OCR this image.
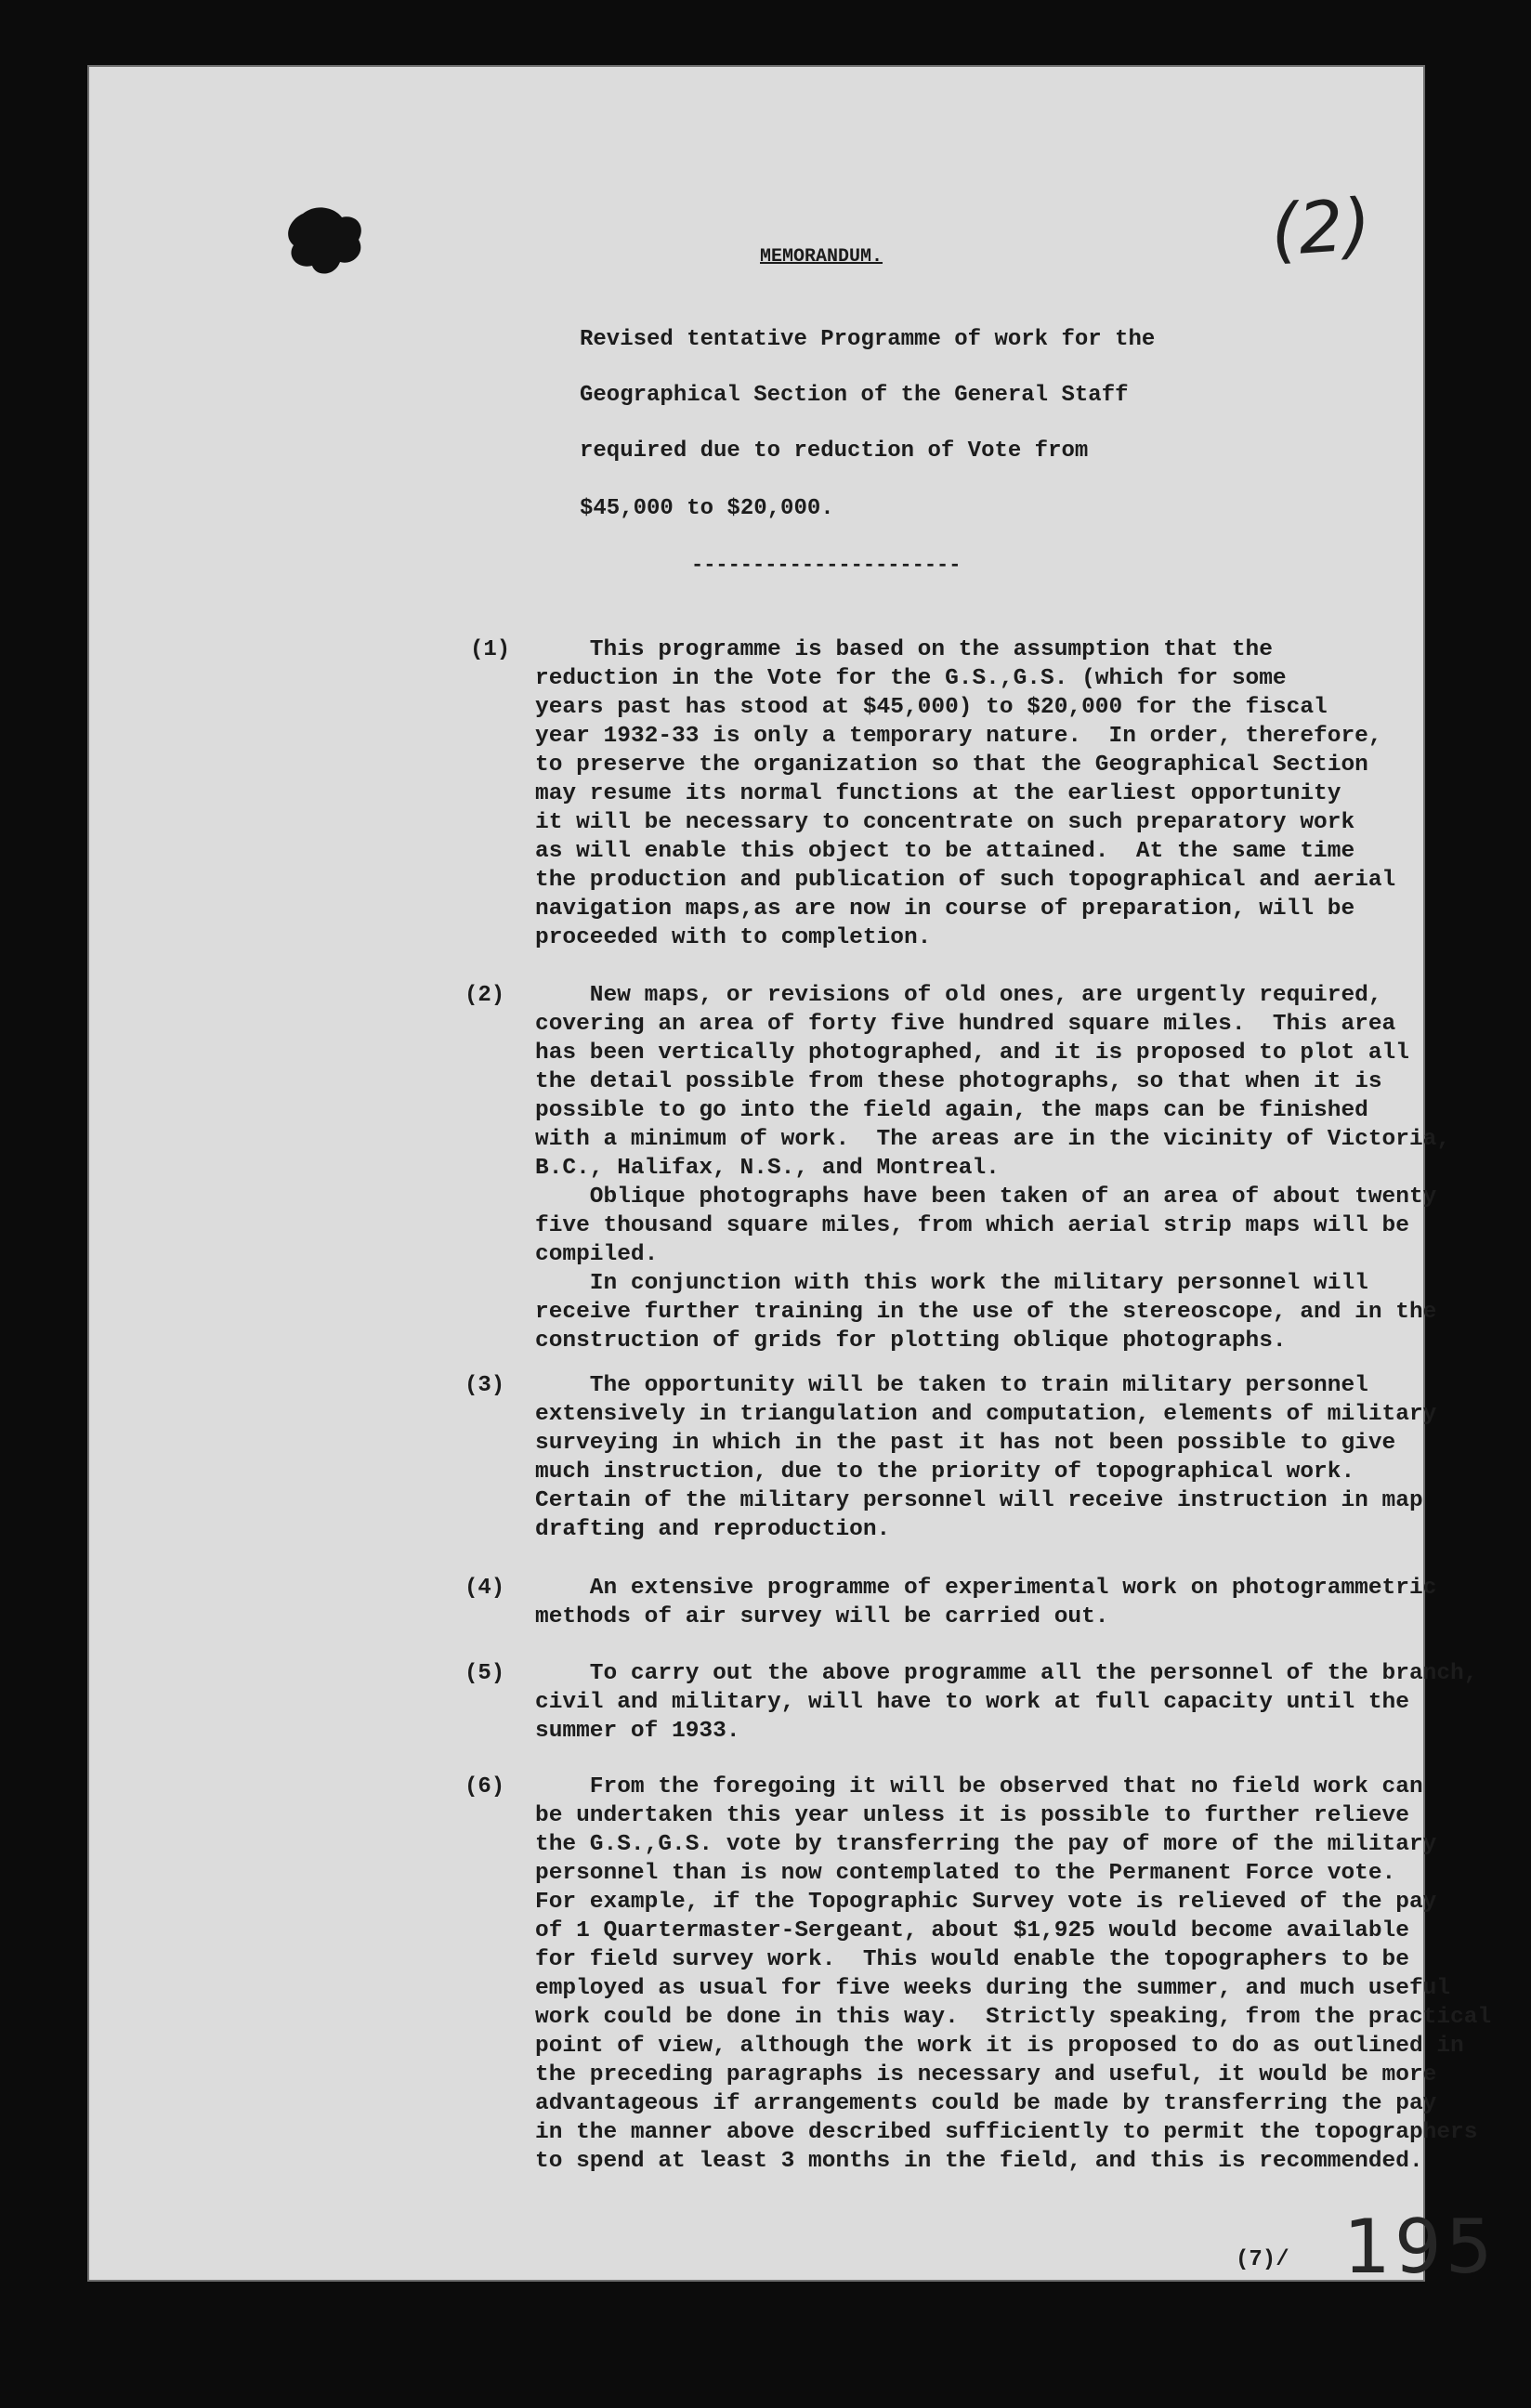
(2)
MEMORANDUM.
Revised tentative Programme of work for the
Geographical Section of the General Staff
required due to reduction of Vote from
$45,000 to $20,000.
----------------------
(1)	This programme is based on the assumption that the
reduction in the Vote for the G.S.,G.S. (which for some
years past has stood at $45,000) to $20,000 for the fiscal
year 1932-33 is only a temporary nature.  In order, therefore,
to preserve the organization so that the Geographical Section
may resume its normal functions at the earliest opportunity
it will be necessary to concentrate on such preparatory work
as will enable this object to be attained.  At the same time
the production and publication of such topographical and aerial
navigation maps,as are now in course of preparation, will be
proceeded with to completion.
(2)	New maps, or revisions of old ones, are urgently required,
covering an area of forty five hundred square miles.  This area
has been vertically photographed, and it is proposed to plot all
the detail possible from these photographs, so that when it is
possible to go into the field again, the maps can be finished
with a minimum of work.  The areas are in the vicinity of Victoria,
B.C., Halifax, N.S., and Montreal.
Oblique photographs have been taken of an area of about twenty
five thousand square miles, from which aerial strip maps will be
compiled.
In conjunction with this work the military personnel will
receive further training in the use of the stereoscope, and in the
construction of grids for plotting oblique photographs.
(3)	The opportunity will be taken to train military personnel
extensively in triangulation and computation, elements of military
surveying in which in the past it has not been possible to give
much instruction, due to the priority of topographical work.
Certain of the military personnel will receive instruction in map
drafting and reproduction.
(4)	An extensive programme of experimental work on photogrammetric
methods of air survey will be carried out.
(5)	To carry out the above programme all the personnel of the branch,
civil and military, will have to work at full capacity until the
summer of 1933.
(6)	From the foregoing it will be observed that no field work can
be undertaken this year unless it is possible to further relieve
the G.S.,G.S. vote by transferring the pay of more of the military
personnel than is now contemplated to the Permanent Force vote.
For example, if the Topographic Survey vote is relieved of the pay
of 1 Quartermaster-Sergeant, about $1,925 would become available
for field survey work.  This would enable the topographers to be
employed as usual for five weeks during the summer, and much useful
work could be done in this way.  Strictly speaking, from the practical
point of view, although the work it is proposed to do as outlined in
the preceding paragraphs is necessary and useful, it would be more
advantageous if arrangements could be made by transferring the pay
in the manner above described sufficiently to permit the topographers
to spend at least 3 months in the field, and this is recommended.
(7)/ 195
